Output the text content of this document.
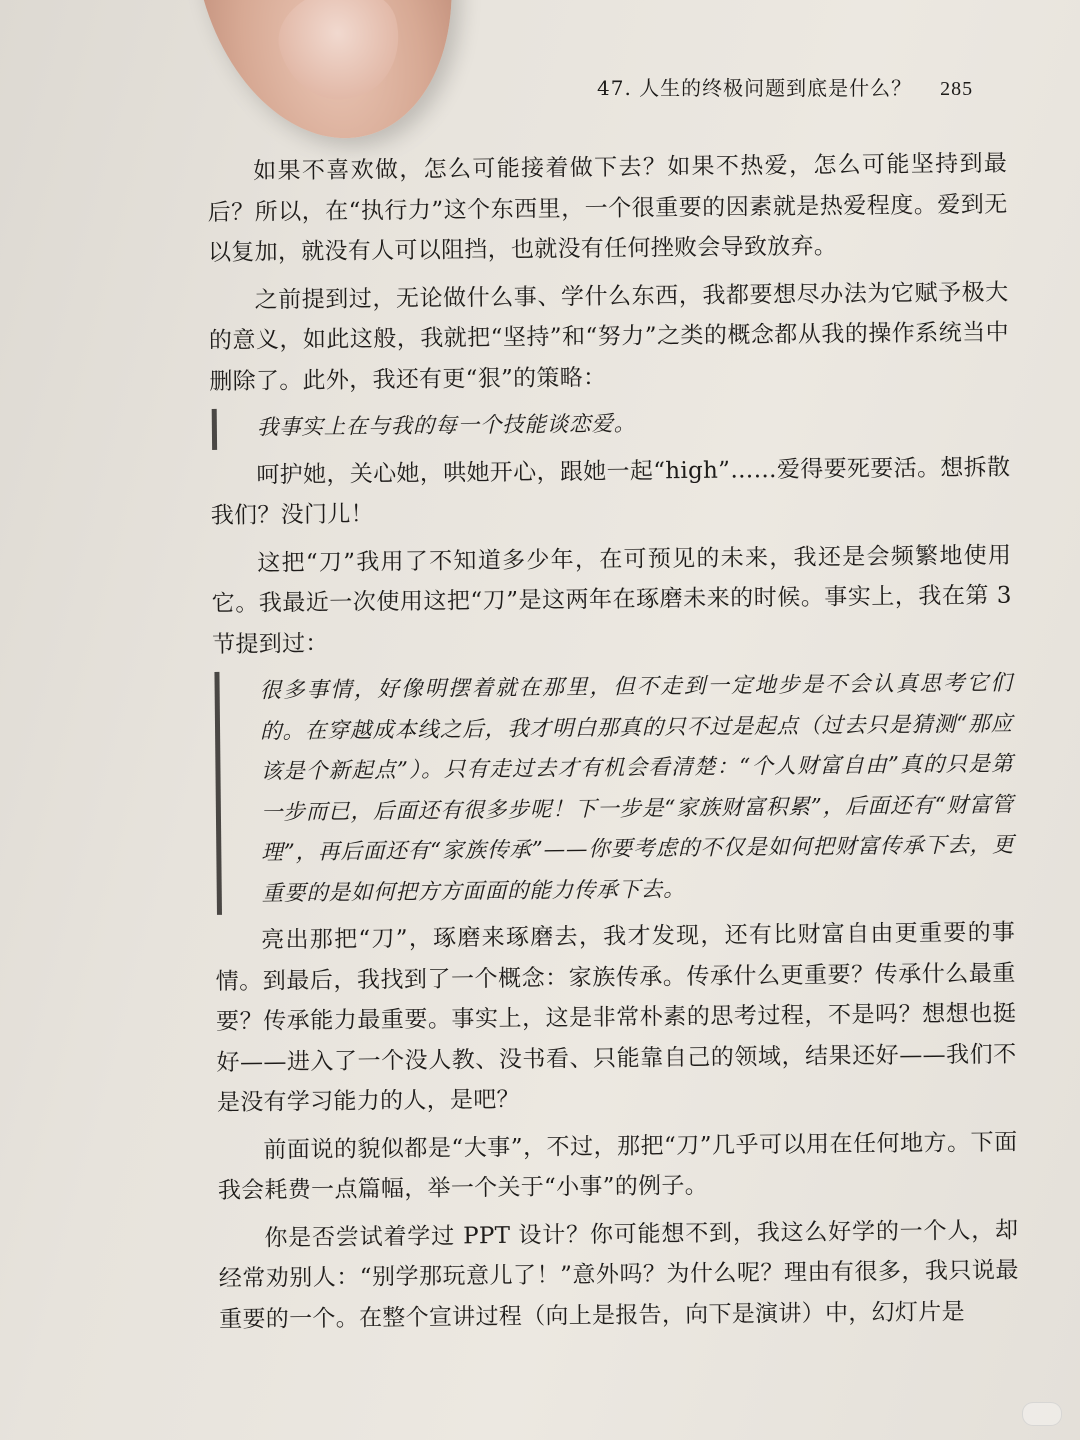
47. 人生的终极问题到底是什么？ 285

如果不喜欢做，怎么可能接着做下去？如果不热爱，怎么可能坚持到最后？所以，在“执行力”这个东西里，一个很重要的因素就是热爱程度。爱到无以复加，就没有人可以阻挡，也就没有任何挫败会导致放弃。

之前提到过，无论做什么事、学什么东西，我都要想尽办法为它赋予极大的意义，如此这般，我就把“坚持”和“努力”之类的概念都从我的操作系统当中删除了。此外，我还有更“狠”的策略：

我事实上在与我的每一个技能谈恋爱。

呵护她，关心她，哄她开心，跟她一起“high”……爱得要死要活。想拆散我们？没门儿！

这把“刀”我用了不知道多少年，在可预见的未来，我还是会频繁地使用它。我最近一次使用这把“刀”是这两年在琢磨未来的时候。事实上，我在第 3 节提到过：

很多事情，好像明摆着就在那里，但不走到一定地步是不会认真思考它们的。在穿越成本线之后，我才明白那真的只不过是起点（过去只是猜测“那应该是个新起点”）。只有走过去才有机会看清楚：“个人财富自由”真的只是第一步而已，后面还有很多步呢！下一步是“家族财富积累”，后面还有“财富管理”，再后面还有“家族传承”——你要考虑的不仅是如何把财富传承下去，更重要的是如何把方方面面的能力传承下去。

亮出那把“刀”，琢磨来琢磨去，我才发现，还有比财富自由更重要的事情。到最后，我找到了一个概念：家族传承。传承什么更重要？传承什么最重要？传承能力最重要。事实上，这是非常朴素的思考过程，不是吗？想想也挺好——进入了一个没人教、没书看、只能靠自己的领域，结果还好——我们不是没有学习能力的人，是吧？

前面说的貌似都是“大事”，不过，那把“刀”几乎可以用在任何地方。下面我会耗费一点篇幅，举一个关于“小事”的例子。

你是否尝试着学过 PPT 设计？你可能想不到，我这么好学的一个人，却经常劝别人：“别学那玩意儿了！”意外吗？为什么呢？理由有很多，我只说最重要的一个。在整个宣讲过程（向上是报告，向下是演讲）中，幻灯片是
